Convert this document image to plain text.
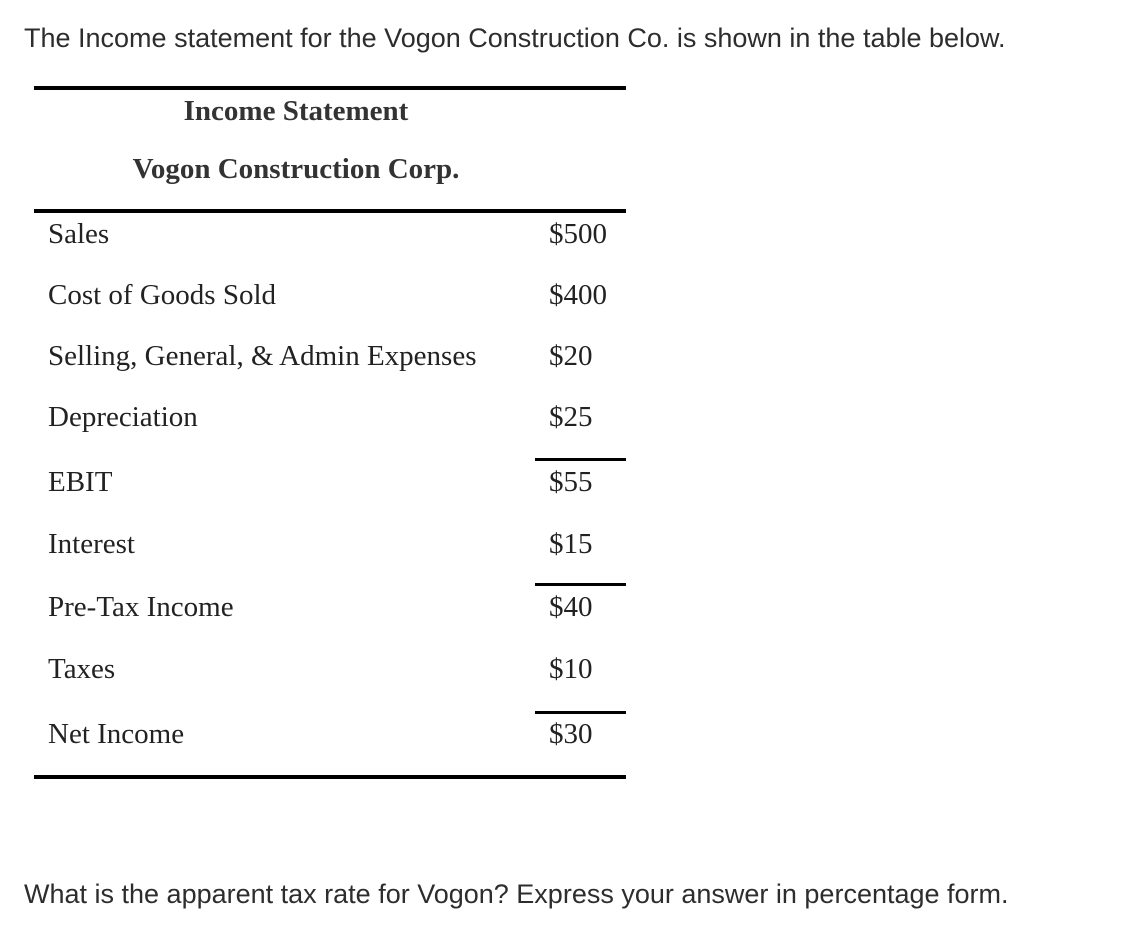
The Income statement for the Vogon Construction Co. is shown in the table below.

Income Statement
Vogon Construction Corp.
Sales	$500
Cost of Goods Sold	$400
Selling, General, & Admin Expenses	$20
Depreciation	$25
EBIT	$55
Interest	$15
Pre-Tax Income	$40
Taxes	$10
Net Income	$30

What is the apparent tax rate for Vogon? Express your answer in percentage form.
